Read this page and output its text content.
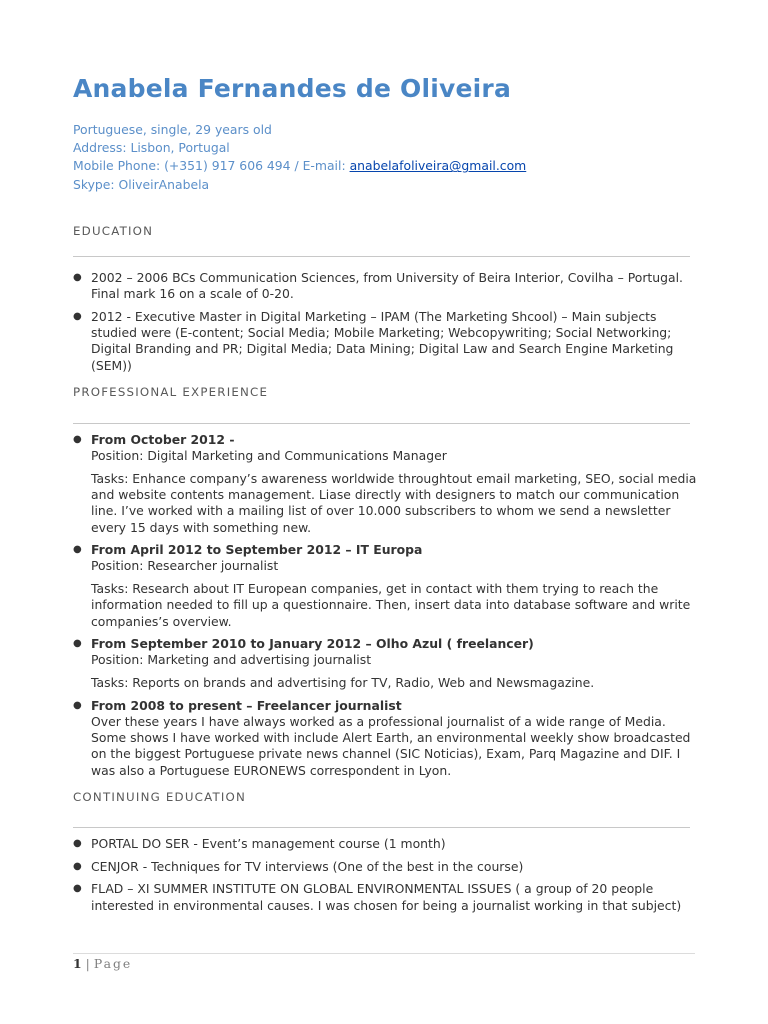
Anabela Fernandes de Oliveira
Portuguese, single, 29 years old
Address: Lisbon, Portugal
Mobile Phone: (+351) 917 606 494 / E-mail: anabelafoliveira@gmail.com
Skype: OliveirAnabela
EDUCATION
● 2002 – 2006 BCs Communication Sciences, from University of Beira Interior, Covilha – Portugal. Final mark 16 on a scale of 0-20.
● 2012 - Executive Master in Digital Marketing – IPAM (The Marketing Shcool) – Main subjects studied were (E-content; Social Media; Mobile Marketing; Webcopywriting; Social Networking; Digital Branding and PR; Digital Media; Data Mining; Digital Law and Search Engine Marketing (SEM))
PROFESSIONAL EXPERIENCE
● From October 2012 -
Position: Digital Marketing and Communications Manager
Tasks: Enhance company’s awareness worldwide throughtout email marketing, SEO, social media and website contents management. Liase directly with designers to match our communication line. I’ve worked with a mailing list of over 10.000 subscribers to whom we send a newsletter every 15 days with something new.
● From April 2012 to September 2012 – IT Europa
Position: Researcher journalist
Tasks: Research about IT European companies, get in contact with them trying to reach the information needed to fill up a questionnaire. Then, insert data into database software and write companies’s overview.
● From September 2010 to January 2012 – Olho Azul ( freelancer)
Position: Marketing and advertising journalist
Tasks: Reports on brands and advertising for TV, Radio, Web and Newsmagazine.
● From 2008 to present – Freelancer journalist
Over these years I have always worked as a professional journalist of a wide range of Media. Some shows I have worked with include Alert Earth, an environmental weekly show broadcasted on the biggest Portuguese private news channel (SIC Noticias), Exam, Parq Magazine and DIF. I was also a Portuguese EURONEWS correspondent in Lyon.
CONTINUING EDUCATION
● PORTAL DO SER - Event’s management course (1 month)
● CENJOR - Techniques for TV interviews (One of the best in the course)
● FLAD – XI SUMMER INSTITUTE ON GLOBAL ENVIRONMENTAL ISSUES ( a group of 20 people interested in environmental causes. I was chosen for being a journalist working in that subject)
1 | Page
